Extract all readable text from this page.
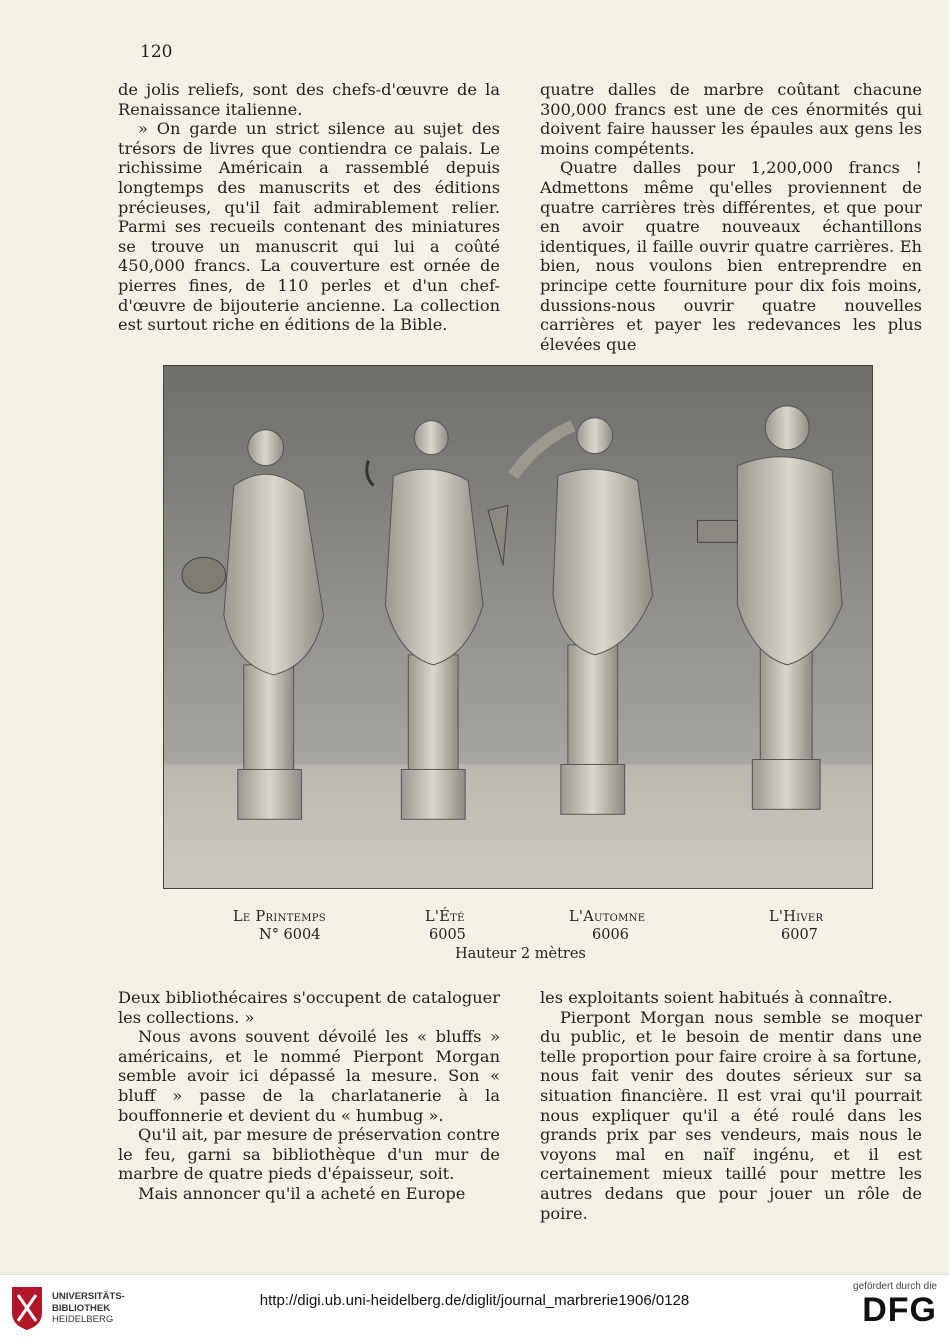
120

de jolis reliefs, sont des chefs-d'œuvre de la Renaissance italienne.

» On garde un strict silence au sujet des trésors de livres que contiendra ce palais. Le richissime Américain a rassemblé depuis longtemps des manuscrits et des éditions précieuses, qu'il fait admirablement relier. Parmi ses recueils contenant des miniatures se trouve un manuscrit qui lui a coûté 450,000 francs. La couverture est ornée de pierres fines, de 110 perles et d'un chef-d'œuvre de bijouterie ancienne. La collection est surtout riche en éditions de la Bible.

quatre dalles de marbre coûtant chacune 300,000 francs est une de ces énormités qui doivent faire hausser les épaules aux gens les moins compétents.

Quatre dalles pour 1,200,000 francs ! Admettons même qu'elles proviennent de quatre carrières très différentes, et que pour en avoir quatre nouveaux échantillons identiques, il faille ouvrir quatre carrières. Eh bien, nous voulons bien entreprendre en principe cette fourniture pour dix fois moins, dussions-nous ouvrir quatre nouvelles carrières et payer les redevances les plus élevées que

Le Printemps	L'Été	L'Automne	L'Hiver
N° 6004	6005	6006	6007
Hauteur 2 mètres

Deux bibliothécaires s'occupent de cataloguer les collections. »

Nous avons souvent dévoilé les « bluffs » américains, et le nommé Pierpont Morgan semble avoir ici dépassé la mesure. Son « bluff » passe de la charlatanerie à la bouffonnerie et devient du « humbug ».

Qu'il ait, par mesure de préservation contre le feu, garni sa bibliothèque d'un mur de marbre de quatre pieds d'épaisseur, soit.

Mais annoncer qu'il a acheté en Europe

les exploitants soient habitués à connaître.

Pierpont Morgan nous semble se moquer du public, et le besoin de mentir dans une telle proportion pour faire croire à sa fortune, nous fait venir des doutes sérieux sur sa situation financière. Il est vrai qu'il pourrait nous expliquer qu'il a été roulé dans les grands prix par ses vendeurs, mais nous le voyons mal en naïf ingénu, et il est certainement mieux taillé pour mettre les autres dedans que pour jouer un rôle de poire.

UNIVERSITÄTS-
BIBLIOTHEK
HEIDELBERG
http://digi.ub.uni-heidelberg.de/diglit/journal_marbrerie1906/0128
gefördert durch die
DFG
